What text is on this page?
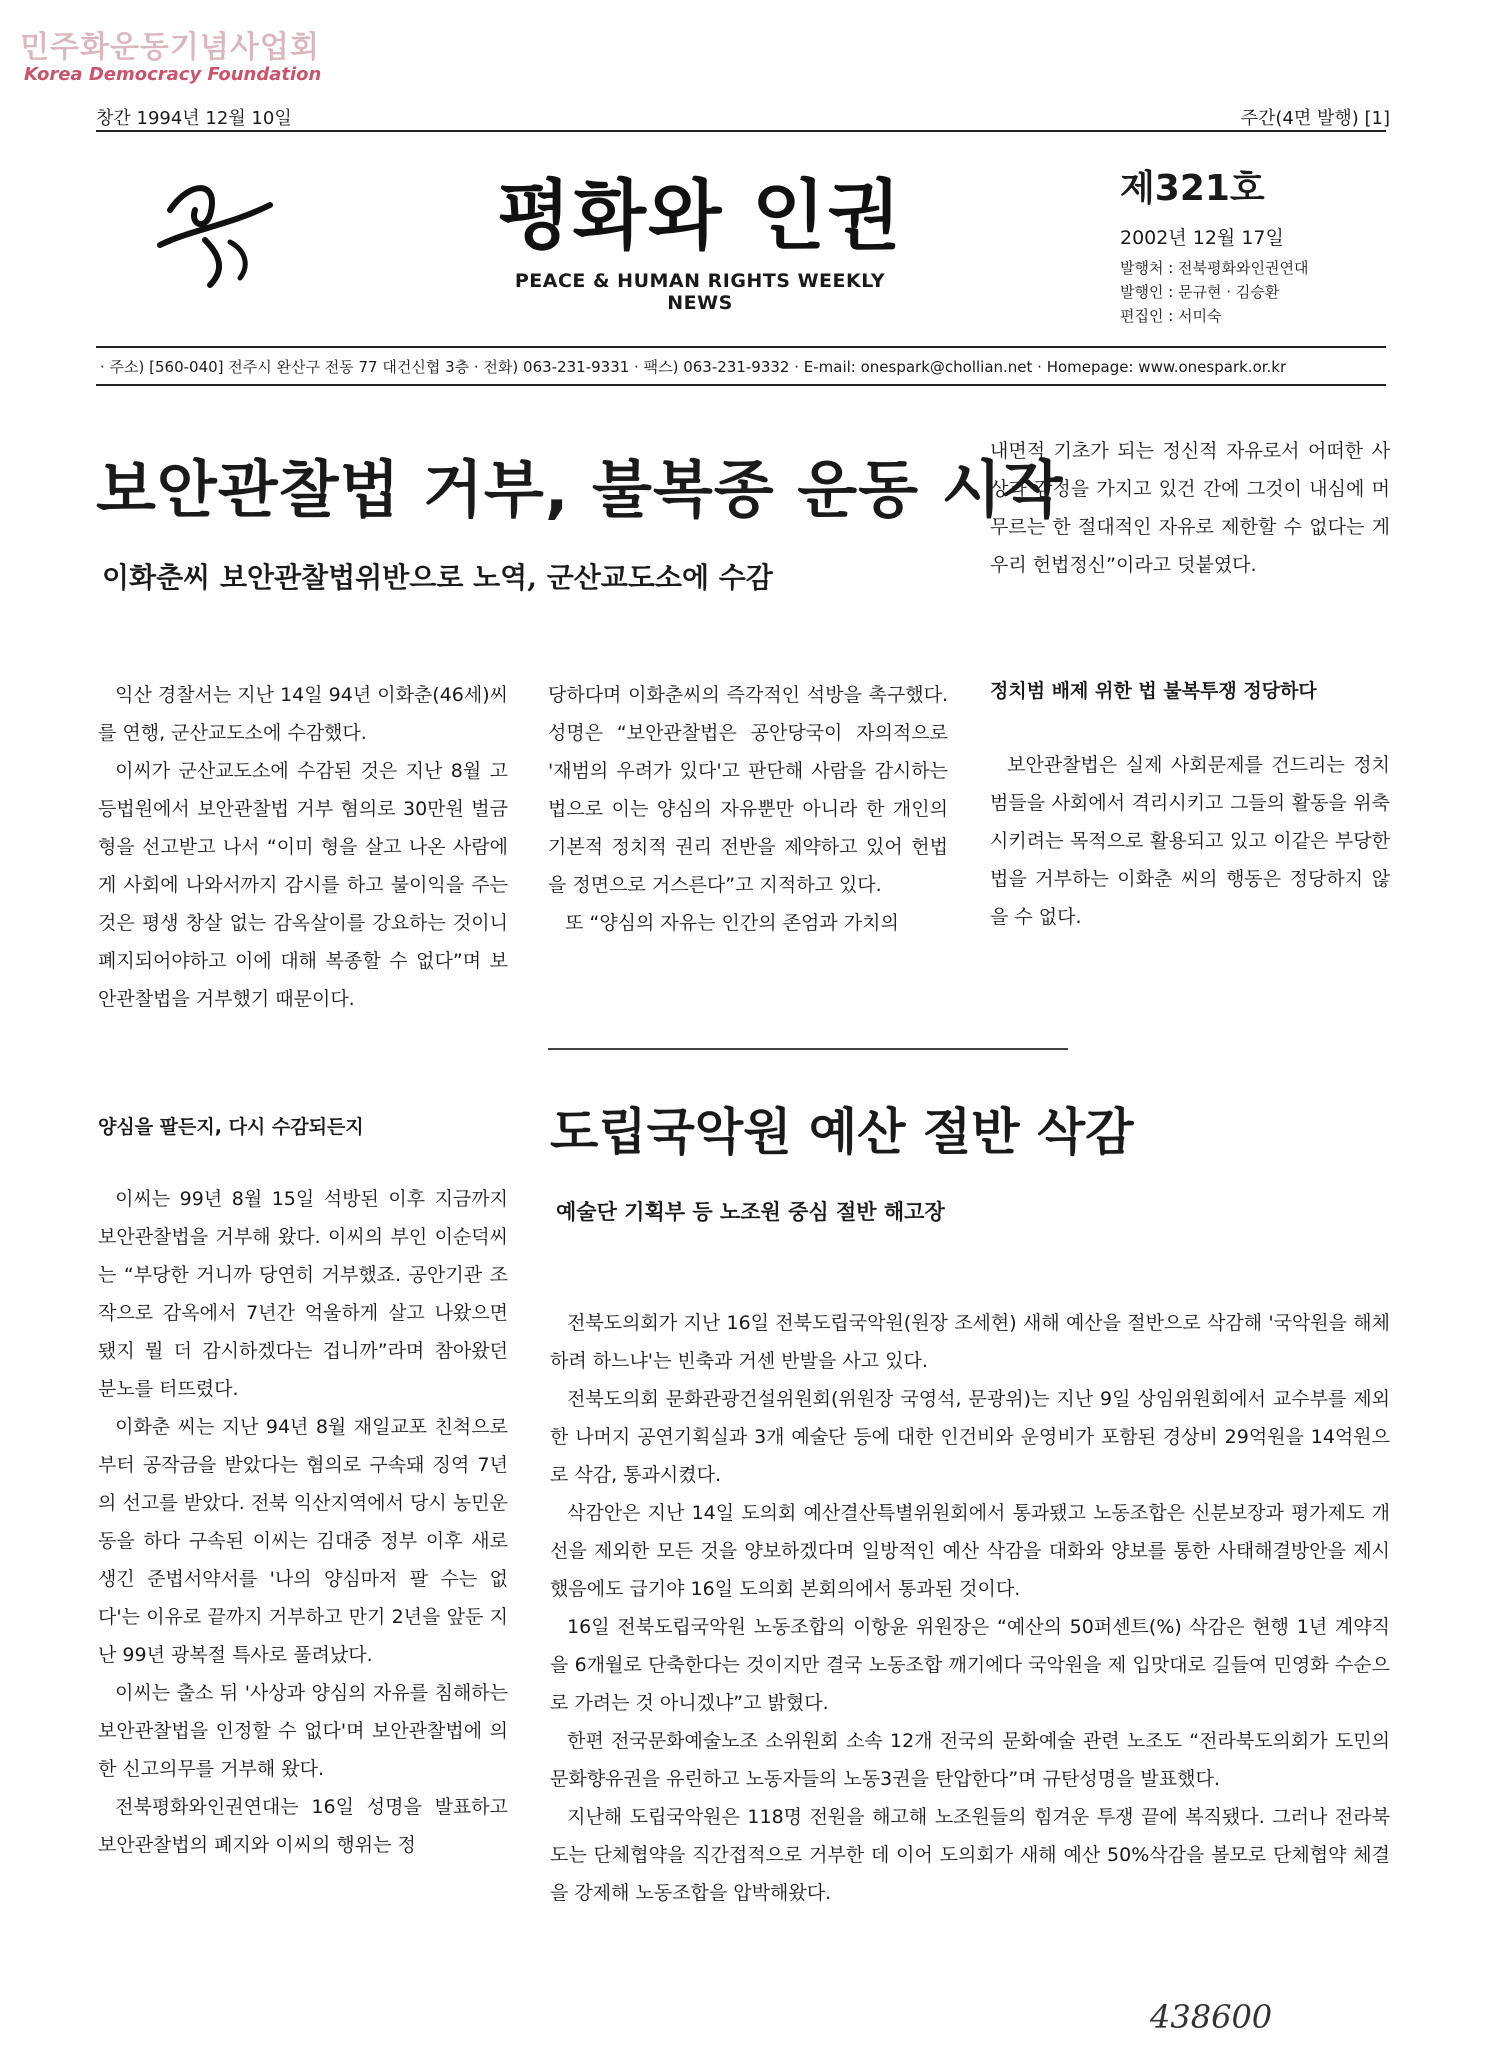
민주화운동기념사업회
Korea Democracy Foundation
창간 1994년 12월 10일	주간(4면 발행) [1]
평화와 인권
PEACE & HUMAN RIGHTS WEEKLY NEWS
제321호
2002년 12월 17일
발행처 : 전북평화와인권연대
발행인 : 문규현 · 김승환
편집인 : 서미숙
· 주소) [560-040] 전주시 완산구 전동 77 대건신협 3층 · 전화) 063-231-9331 · 팩스) 063-231-9332 · E-mail: onespark@chollian.net · Homepage: www.onespark.or.kr
보안관찰법 거부, 불복종 운동 시작
이화춘씨 보안관찰법위반으로 노역, 군산교도소에 수감

익산 경찰서는 지난 14일 94년 이화춘(46세)씨를 연행, 군산교도소에 수감했다.

이씨가 군산교도소에 수감된 것은 지난 8월 고등법원에서 보안관찰법 거부 혐의로 30만원 벌금형을 선고받고 나서 “이미 형을 살고 나온 사람에게 사회에 나와서까지 감시를 하고 불이익을 주는 것은 평생 창살 없는 감옥살이를 강요하는 것이니 폐지되어야하고 이에 대해 복종할 수 없다”며 보안관찰법을 거부했기 때문이다.

양심을 팔든지, 다시 수감되든지

이씨는 99년 8월 15일 석방된 이후 지금까지 보안관찰법을 거부해 왔다. 이씨의 부인 이순덕씨는 “부당한 거니까 당연히 거부했죠. 공안기관 조작으로 감옥에서 7년간 억울하게 살고 나왔으면 됐지 뭘 더 감시하겠다는 겁니까”라며 참아왔던 분노를 터뜨렸다.

이화춘 씨는 지난 94년 8월 재일교포 친척으로부터 공작금을 받았다는 혐의로 구속돼 징역 7년의 선고를 받았다. 전북 익산지역에서 당시 농민운동을 하다 구속된 이씨는 김대중 정부 이후 새로 생긴 준법서약서를 '나의 양심마저 팔 수는 없다'는 이유로 끝까지 거부하고 만기 2년을 앞둔 지난 99년 광복절 특사로 풀려났다.

이씨는 출소 뒤 '사상과 양심의 자유를 침해하는 보안관찰법을 인정할 수 없다'며 보안관찰법에 의한 신고의무를 거부해 왔다.

전북평화와인권연대는 16일 성명을 발표하고 보안관찰법의 폐지와 이씨의 행위는 정

당하다며 이화춘씨의 즉각적인 석방을 촉구했다. 성명은 “보안관찰법은 공안당국이 자의적으로 '재범의 우려가 있다'고 판단해 사람을 감시하는 법으로 이는 양심의 자유뿐만 아니라 한 개인의 기본적 정치적 권리 전반을 제약하고 있어 헌법을 정면으로 거스른다”고 지적하고 있다.

또 “양심의 자유는 인간의 존엄과 가치의

내면적 기초가 되는 정신적 자유로서 어떠한 사상과 감정을 가지고 있건 간에 그것이 내심에 머무르는 한 절대적인 자유로 제한할 수 없다는 게 우리 헌법정신”이라고 덧붙였다.

정치범 배제 위한 법 불복투쟁 정당하다

보안관찰법은 실제 사회문제를 건드리는 정치범들을 사회에서 격리시키고 그들의 활동을 위축시키려는 목적으로 활용되고 있고 이같은 부당한 법을 거부하는 이화춘 씨의 행동은 정당하지 않을 수 없다.

도립국악원 예산 절반 삭감
예술단 기획부 등 노조원 중심 절반 해고장

전북도의회가 지난 16일 전북도립국악원(원장 조세현) 새해 예산을 절반으로 삭감해 '국악원을 해체하려 하느냐'는 빈축과 거센 반발을 사고 있다.

전북도의회 문화관광건설위원회(위원장 국영석, 문광위)는 지난 9일 상임위원회에서 교수부를 제외한 나머지 공연기획실과 3개 예술단 등에 대한 인건비와 운영비가 포함된 경상비 29억원을 14억원으로 삭감, 통과시켰다.

삭감안은 지난 14일 도의회 예산결산특별위원회에서 통과됐고 노동조합은 신분보장과 평가제도 개선을 제외한 모든 것을 양보하겠다며 일방적인 예산 삭감을 대화와 양보를 통한 사태해결방안을 제시했음에도 급기야 16일 도의회 본회의에서 통과된 것이다.

16일 전북도립국악원 노동조합의 이항윤 위원장은 “예산의 50퍼센트(%) 삭감은 현행 1년 계약직을 6개월로 단축한다는 것이지만 결국 노동조합 깨기에다 국악원을 제 입맛대로 길들여 민영화 수순으로 가려는 것 아니겠냐”고 밝혔다.

한편 전국문화예술노조 소위원회 소속 12개 전국의 문화예술 관련 노조도 “전라북도의회가 도민의 문화향유권을 유린하고 노동자들의 노동3권을 탄압한다”며 규탄성명을 발표했다.

지난해 도립국악원은 118명 전원을 해고해 노조원들의 힘겨운 투쟁 끝에 복직됐다. 그러나 전라북도는 단체협약을 직간접적으로 거부한 데 이어 도의회가 새해 예산 50%삭감을 볼모로 단체협약 체결을 강제해 노동조합을 압박해왔다.

438600
